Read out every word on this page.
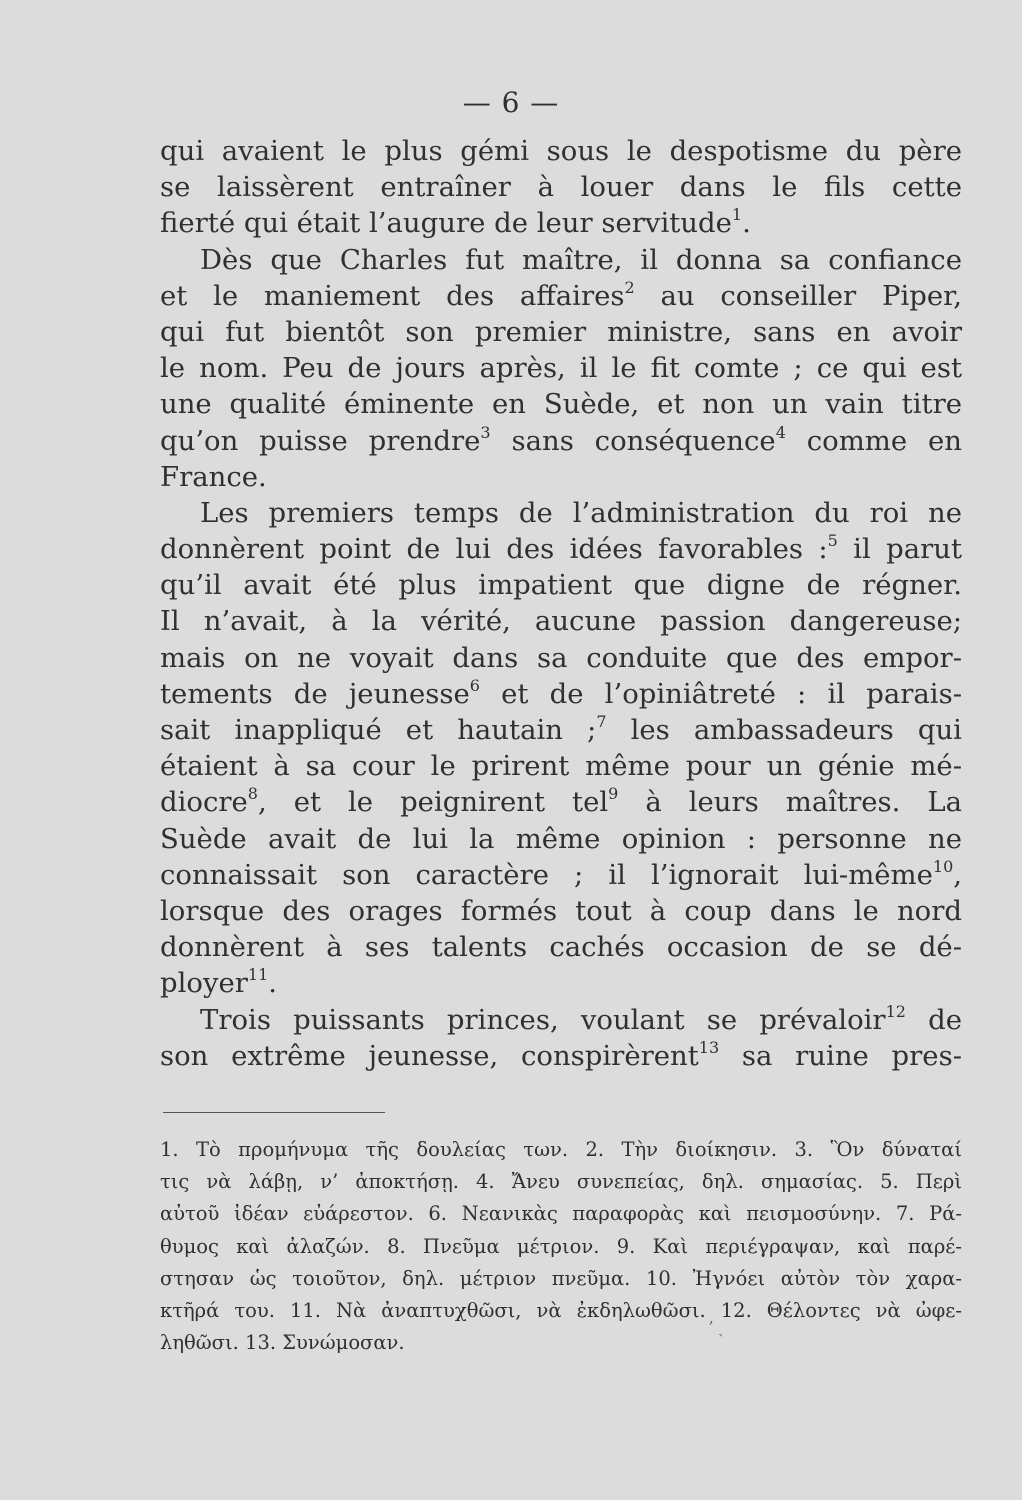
— 6 —
qui avaient le plus gémi sous le despotisme du père
se laissèrent entraîner à louer dans le fils cette
fierté qui était l’augure de leur servitude$^1$.
Dès que Charles fut maître, il donna sa confiance
et le maniement des affaires$^2$ au conseiller Piper,
qui fut bientôt son premier ministre, sans en avoir
le nom. Peu de jours après, il le fit comte ; ce qui est
une qualité éminente en Suède, et non un vain titre
qu’on puisse prendre$^3$ sans conséquence$^4$ comme en
France.
Les premiers temps de l’administration du roi ne
donnèrent point de lui des idées favorables :$^5$ il parut
qu’il avait été plus impatient que digne de régner.
Il n’avait, à la vérité, aucune passion dangereuse;
mais on ne voyait dans sa conduite que des empor-
tements de jeunesse$^6$ et de l’opiniâtreté : il parais-
sait inappliqué et hautain ;$^7$ les ambassadeurs qui
étaient à sa cour le prirent même pour un génie mé-
diocre$^8$, et le peignirent tel$^9$ à leurs maîtres. La
Suède avait de lui la même opinion : personne ne
connaissait son caractère ; il l’ignorait lui-même$^{10}$,
lorsque des orages formés tout à coup dans le nord
donnèrent à ses talents cachés occasion de se dé-
ployer$^{11}$.
Trois puissants princes, voulant se prévaloir$^{12}$ de
son extrême jeunesse, conspirèrent$^{13}$ sa ruine pres-
1. Τὸ προμήνυμα τῆς δουλείας των. 2. Τὴν διοίκησιν. 3. Ὃν δύναταί
τις νὰ λάβῃ, ν’ ἀποκτήσῃ. 4. Ἄνευ συνεπείας, δηλ. σημασίας. 5. Περὶ
αὐτοῦ ἰδέαν εὐάρεστον. 6. Νεανικὰς παραφορὰς καὶ πεισμοσύνην. 7. Ρά-
θυμος καὶ ἀλαζών. 8. Πνεῦμα μέτριον. 9. Καὶ περιέγραψαν, καὶ παρέ-
στησαν ὡς τοιοῦτον, δηλ. μέτριον πνεῦμα. 10. Ἠγνόει αὐτὸν τὸν χαρα-
κτῆρά του. 11. Νὰ ἀναπτυχθῶσι, νὰ ἐκδηλωθῶσι. 12. Θέλοντες νὰ ὠφε-
ληθῶσι. 13. Συνώμοσαν.
ʼ ˏ
